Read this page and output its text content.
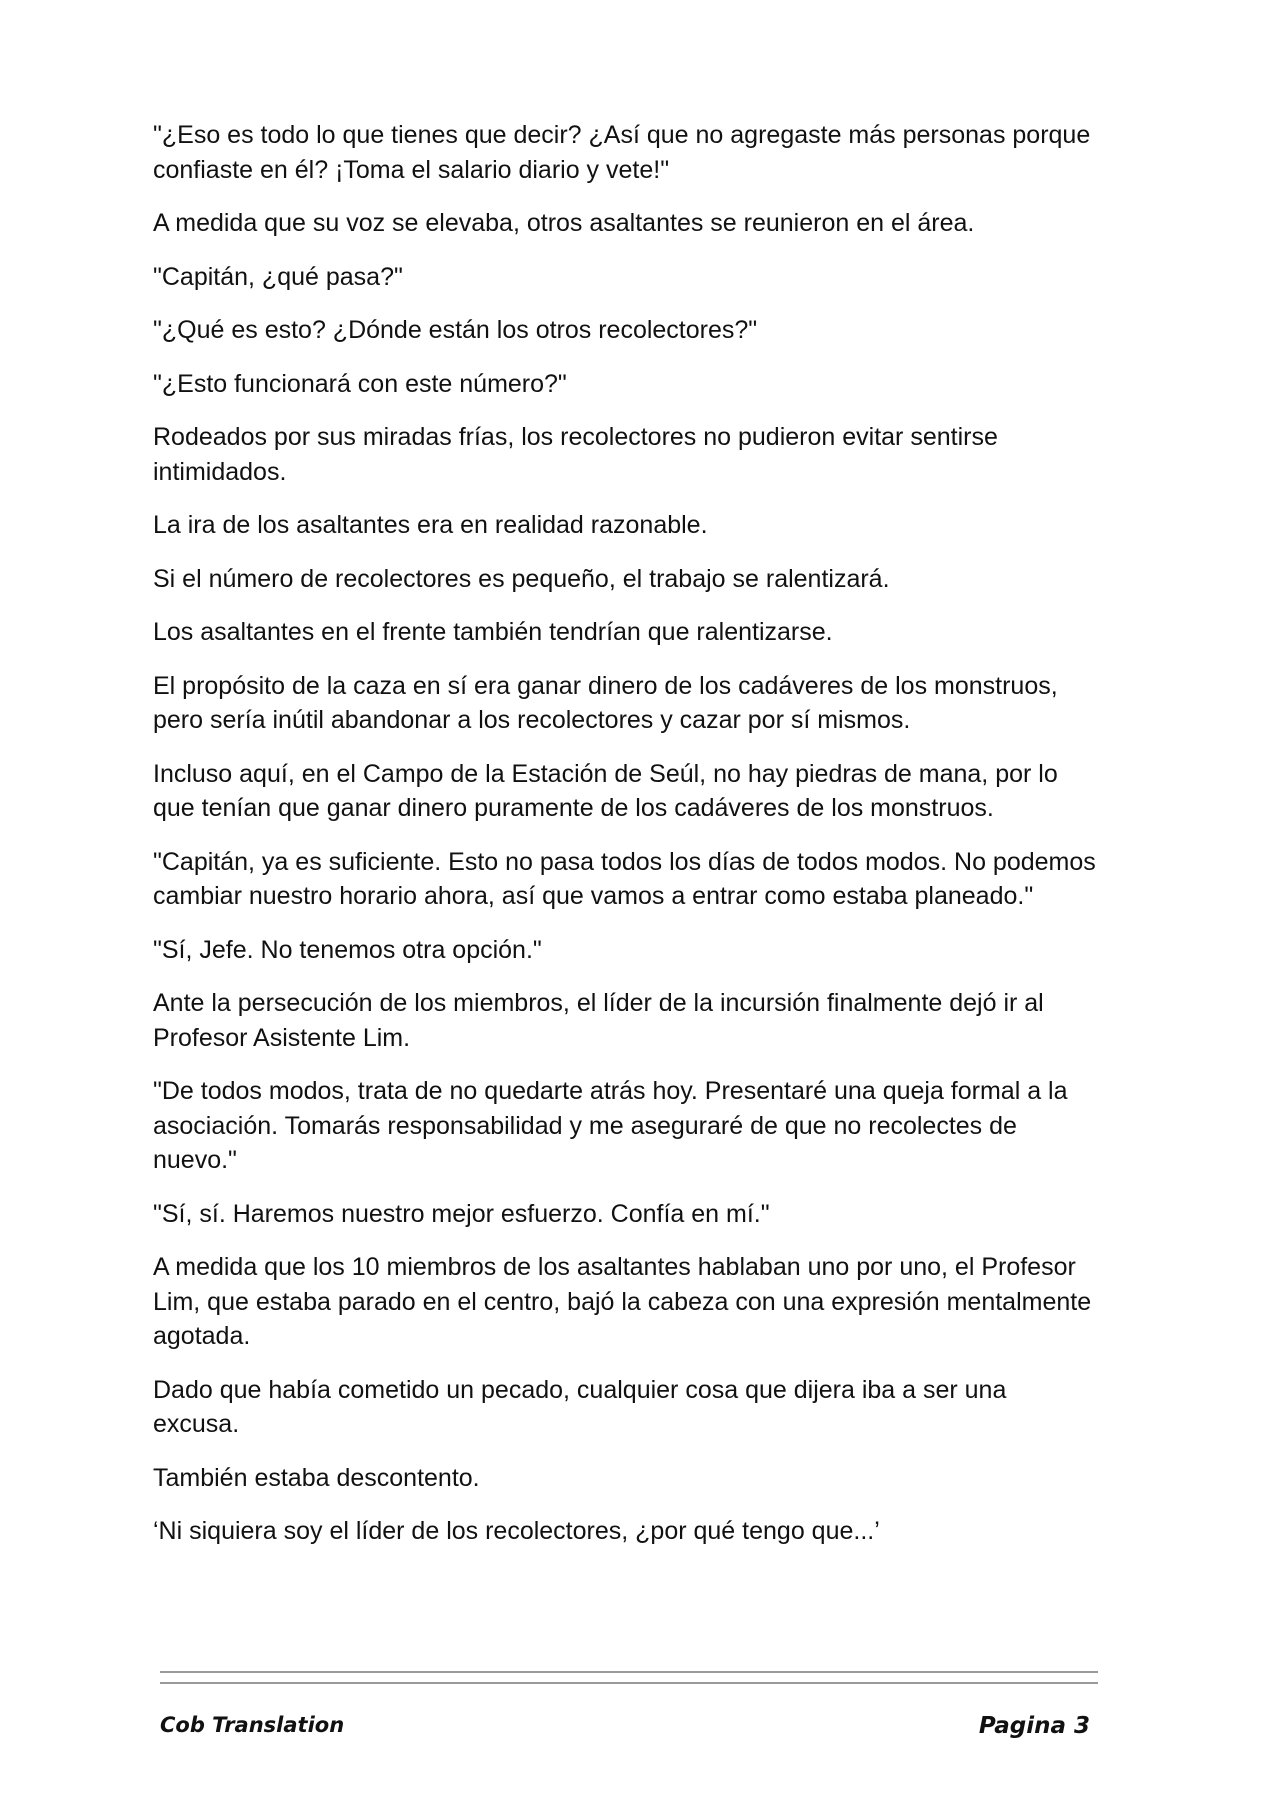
"¿Eso es todo lo que tienes que decir? ¿Así que no agregaste más personas porque confiaste en él? ¡Toma el salario diario y vete!"

A medida que su voz se elevaba, otros asaltantes se reunieron en el área.

"Capitán, ¿qué pasa?"

"¿Qué es esto? ¿Dónde están los otros recolectores?"

"¿Esto funcionará con este número?"

Rodeados por sus miradas frías, los recolectores no pudieron evitar sentirse intimidados.

La ira de los asaltantes era en realidad razonable.

Si el número de recolectores es pequeño, el trabajo se ralentizará.

Los asaltantes en el frente también tendrían que ralentizarse.

El propósito de la caza en sí era ganar dinero de los cadáveres de los monstruos, pero sería inútil abandonar a los recolectores y cazar por sí mismos.

Incluso aquí, en el Campo de la Estación de Seúl, no hay piedras de mana, por lo que tenían que ganar dinero puramente de los cadáveres de los monstruos.

"Capitán, ya es suficiente. Esto no pasa todos los días de todos modos. No podemos cambiar nuestro horario ahora, así que vamos a entrar como estaba planeado."

"Sí, Jefe. No tenemos otra opción."

Ante la persecución de los miembros, el líder de la incursión finalmente dejó ir al Profesor Asistente Lim.

"De todos modos, trata de no quedarte atrás hoy. Presentaré una queja formal a la asociación. Tomarás responsabilidad y me aseguraré de que no recolectes de nuevo."

"Sí, sí. Haremos nuestro mejor esfuerzo. Confía en mí."

A medida que los 10 miembros de los asaltantes hablaban uno por uno, el Profesor Lim, que estaba parado en el centro, bajó la cabeza con una expresión mentalmente agotada.

Dado que había cometido un pecado, cualquier cosa que dijera iba a ser una excusa.

También estaba descontento.

‘Ni siquiera soy el líder de los recolectores, ¿por qué tengo que...’

Cob Translation	Pagina 3
